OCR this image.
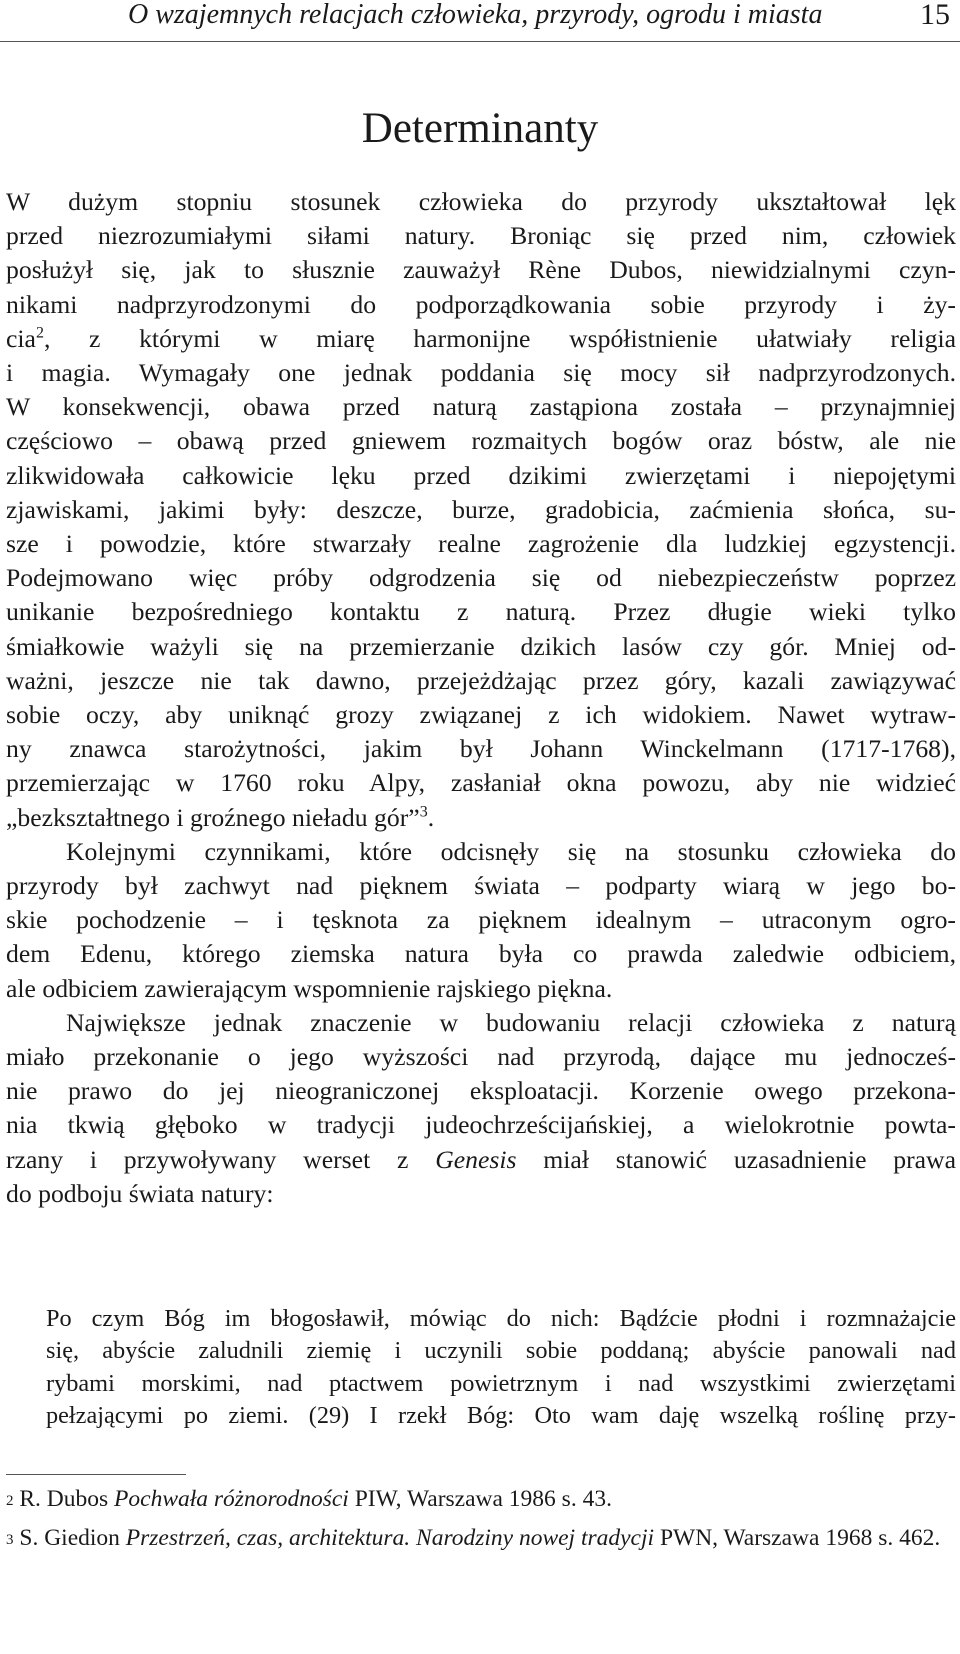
O wzajemnych relacjach człowieka, przyrody, ogrodu i miasta	15
Determinanty

W dużym stopniu stosunek człowieka do przyrody ukształtował lęk

przed niezrozumiałymi siłami natury. Broniąc się przed nim, człowiek

posłużył się, jak to słusznie zauważył Rène Dubos, niewidzialnymi czyn-

nikami nadprzyrodzonymi do podporządkowania sobie przyrody i ży-

cia$^2$, z którymi w miarę harmonijne współistnienie ułatwiały religia

i magia. Wymagały one jednak poddania się mocy sił nadprzyrodzonych.

W konsekwencji, obawa przed naturą zastąpiona została – przynajmniej

częściowo – obawą przed gniewem rozmaitych bogów oraz bóstw, ale nie

zlikwidowała całkowicie lęku przed dzikimi zwierzętami i niepojętymi

zjawiskami, jakimi były: deszcze, burze, gradobicia, zaćmienia słońca, su-

sze i powodzie, które stwarzały realne zagrożenie dla ludzkiej egzystencji.

Podejmowano więc próby odgrodzenia się od niebezpieczeństw poprzez

unikanie bezpośredniego kontaktu z naturą. Przez długie wieki tylko

śmiałkowie ważyli się na przemierzanie dzikich lasów czy gór. Mniej od-

ważni, jeszcze nie tak dawno, przejeżdżając przez góry, kazali zawiązywać

sobie oczy, aby uniknąć grozy związanej z ich widokiem. Nawet wytraw-

ny znawca starożytności, jakim był Johann Winckelmann (1717-1768),

przemierzając w 1760 roku Alpy, zasłaniał okna powozu, aby nie widzieć

„bezkształtnego i groźnego nieładu gór”$^3$.

Kolejnymi czynnikami, które odcisnęły się na stosunku człowieka do

przyrody był zachwyt nad pięknem świata – podparty wiarą w jego bo-

skie pochodzenie – i tęsknota za pięknem idealnym – utraconym ogro-

dem Edenu, którego ziemska natura była co prawda zaledwie odbiciem,

ale odbiciem zawierającym wspomnienie rajskiego piękna.

Największe jednak znaczenie w budowaniu relacji człowieka z naturą

miało przekonanie o jego wyższości nad przyrodą, dające mu jednocześ-

nie prawo do jej nieograniczonej eksploatacji. Korzenie owego przekona-

nia tkwią głęboko w tradycji judeochrześcijańskiej, a wielokrotnie powta-

rzany i przywoływany werset z Genesis miał stanowić uzasadnienie prawa

do podboju świata natury:

Po czym Bóg im błogosławił, mówiąc do nich: Bądźcie płodni i rozmnażajcie

się, abyście zaludnili ziemię i uczynili sobie poddaną; abyście panowali nad

rybami morskimi, nad ptactwem powietrznym i nad wszystkimi zwierzętami

pełzającymi po ziemi. (29) I rzekł Bóg: Oto wam daję wszelką roślinę przy-

$^2$ R. Dubos Pochwała różnorodności PIW, Warszawa 1986 s. 43.

$^3$ S. Giedion Przestrzeń, czas, architektura. Narodziny nowej tradycji PWN, Warszawa 1968 s. 462.
